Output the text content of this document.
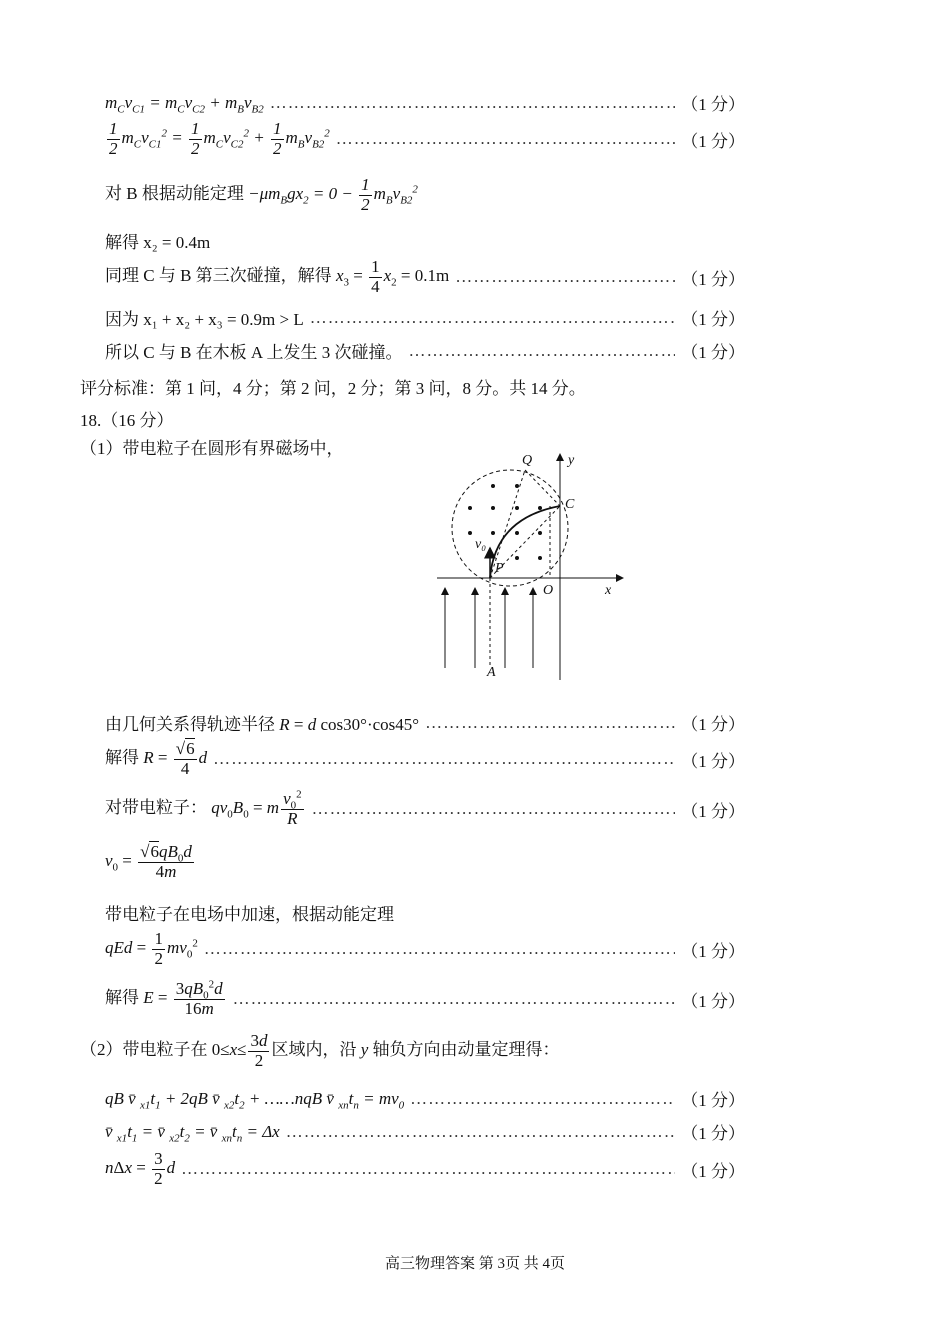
$m_Cv_{C1} = m_Cv_{C2} + m_Bv_{B2}$ …………………………………………………………………………………………………………………………………………………………………………………	（1 分）
$\frac{1}{2} m_Cv_{C1}^2 = \frac{1}{2} m_Cv_{C2}^2 + \frac{1}{2} m_Bv_{B2}^2$ …………………………………………………………………………………………………………………………………………………………………………………	（1 分）
对 B 根据动能定理 $-\mu m_Bgx_2 = 0 - \frac{1}{2} m_Bv_{B2}^2$
解得 x₂ = 0.4m
同理 C 与 B 第三次碰撞，解得 $x_3 = \frac{1}{4} x_2 = 0.1m$ …………………………………………………………………………………………………………………………………………………………………………………	（1 分）
因为 x₁ + x₂ + x₃ = 0.9m > L …………………………………………………………………………………………………………………………………………………………………………………	（1 分）
所以 C 与 B 在木板 A 上发生 3 次碰撞。 …………………………………………………………………………………………………………………………………………………………………………………	（1 分）
评分标准：第 1 问，4 分；第 2 问，2 分；第 3 问，8 分。共 14 分。
18.（16 分）
（1）带电粒子在圆形有界磁场中，
Q	y
C
v₀
P
O	x
A
由几何关系得轨迹半径 R = d cos30°·cos45° …………………………………………………………………………………………………………………………………………………………………………………	（1 分）
解得 $R = \frac{√6}{4}$ d …………………………………………………………………………………………………………………………………………………………………………………	（1 分）
对带电粒子： $qv_0B_0 = m \frac{v_0^2}{R}$ …………………………………………………………………………………………………………………………………………………………………………………	（1 分）
$v_0 = \frac{√6qB_0d}{4m}$
带电粒子在电场中加速，根据动能定理
qEd = $\frac{1}{2} mv_0^2$ …………………………………………………………………………………………………………………………………………………………………………………	（1 分）
解得 $E = \frac{3qB_0^2d}{16m}$ …………………………………………………………………………………………………………………………………………………………………………………	（1 分）
（2）带电粒子在 $0\le x\le \frac{3d}{2}$ 区域内，沿 y 轴负方向由动量定理得：
qB v̄ $_{x1}t_1 + 2qB$ v̄ $_{x2}t_2$ + ……nqB v̄ $_{xn}t_n = mv_0$ …………………………………………………………………………………………………………………………………………………………………………………	（1 分）
v̄ $_{x1}t_1$ = v̄ $_{x2}t_2$ = v̄ $_{xn}t_n = \Delta x$ …………………………………………………………………………………………………………………………………………………………………………………	（1 分）
$n\Delta x = \frac{3}{2}$ d …………………………………………………………………………………………………………………………………………………………………………………	（1 分）
高三物理答案 第 3页 共 4页
